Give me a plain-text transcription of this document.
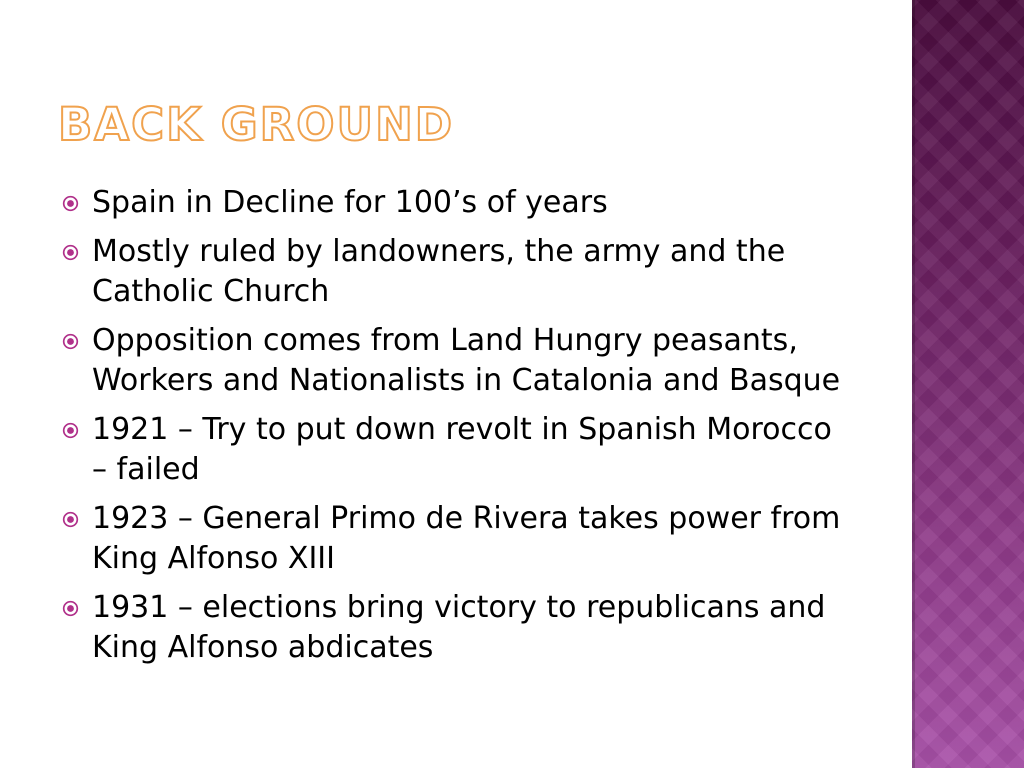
BACK GROUND
Spain in Decline for 100’s of years
Mostly ruled by landowners, the army and the Catholic Church
Opposition comes from Land Hungry peasants, Workers and Nationalists in Catalonia and Basque
1921 – Try to put down revolt in Spanish Morocco – failed
1923 – General Primo de Rivera takes power from King Alfonso XIII
1931 – elections bring victory to republicans and King Alfonso abdicates
